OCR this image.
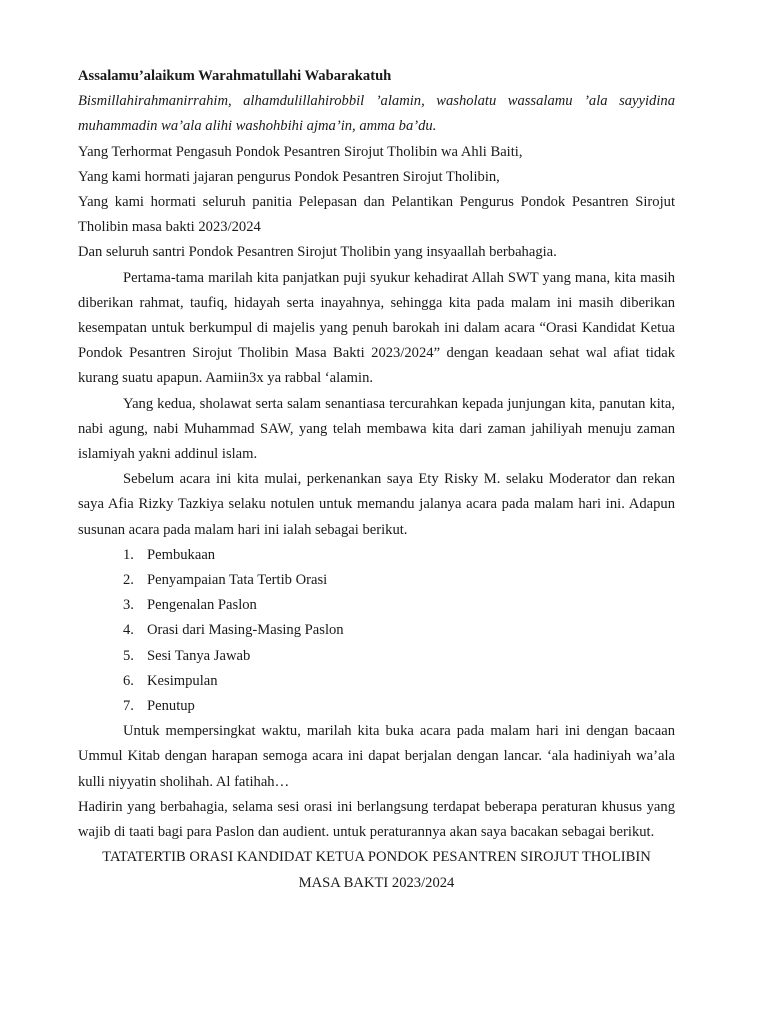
Assalamu’alaikum Warahmatullahi Wabarakatuh

Bismillahirahmanirrahim, alhamdulillahirobbil ’alamin, washolatu wassalamu ’ala sayyidina muhammadin wa’ala alihi washohbihi ajma’in, amma ba’du.

Yang Terhormat Pengasuh Pondok Pesantren Sirojut Tholibin wa Ahli Baiti,

Yang kami hormati jajaran pengurus Pondok Pesantren Sirojut Tholibin,

Yang kami hormati seluruh panitia Pelepasan dan Pelantikan Pengurus Pondok Pesantren Sirojut Tholibin masa bakti 2023/2024

Dan seluruh santri Pondok Pesantren Sirojut Tholibin yang insyaallah berbahagia.

Pertama-tama marilah kita panjatkan puji syukur kehadirat Allah SWT yang mana, kita masih diberikan rahmat, taufiq, hidayah serta inayahnya, sehingga kita pada malam ini masih diberikan kesempatan untuk berkumpul di majelis yang penuh barokah ini dalam acara “Orasi Kandidat Ketua Pondok Pesantren Sirojut Tholibin Masa Bakti 2023/2024” dengan keadaan sehat wal afiat tidak kurang suatu apapun. Aamiin3x ya rabbal ‘alamin.

Yang kedua, sholawat serta salam senantiasa tercurahkan kepada junjungan kita, panutan kita, nabi agung, nabi Muhammad SAW, yang telah membawa kita dari zaman jahiliyah menuju zaman islamiyah yakni addinul islam.

Sebelum acara ini kita mulai, perkenankan saya Ety Risky M. selaku Moderator dan rekan saya Afia Rizky Tazkiya selaku notulen untuk memandu jalanya acara pada malam hari ini. Adapun susunan acara pada malam hari ini ialah sebagai berikut.

1. Pembukaan
2. Penyampaian Tata Tertib Orasi
3. Pengenalan Paslon
4. Orasi dari Masing-Masing Paslon
5. Sesi Tanya Jawab
6. Kesimpulan
7. Penutup

Untuk mempersingkat waktu, marilah kita buka acara pada malam hari ini dengan bacaan Ummul Kitab dengan harapan semoga acara ini dapat berjalan dengan lancar. ‘ala hadiniyah wa’ala kulli niyyatin sholihah. Al fatihah…

Hadirin yang berbahagia, selama sesi orasi ini berlangsung terdapat beberapa peraturan khusus yang wajib di taati bagi para Paslon dan audient. untuk peraturannya akan saya bacakan sebagai berikut.

TATATERTIB ORASI KANDIDAT KETUA PONDOK PESANTREN SIROJUT THOLIBIN

MASA BAKTI 2023/2024
